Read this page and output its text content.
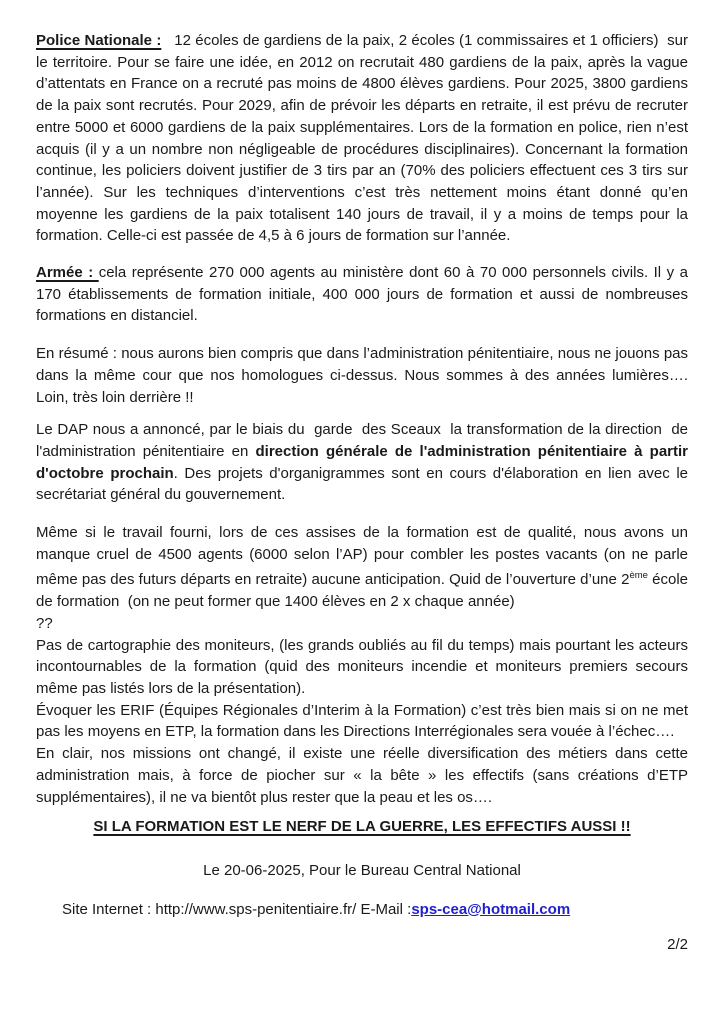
Police Nationale :   12 écoles de gardiens de la paix, 2 écoles (1 commissaires et 1 officiers)  sur le territoire. Pour se faire une idée, en 2012 on recrutait 480 gardiens de la paix, après la vague d’attentats en France on a recruté pas moins de 4800 élèves gardiens. Pour 2025, 3800 gardiens de la paix sont recrutés. Pour 2029, afin de prévoir les départs en retraite, il est prévu de recruter entre 5000 et 6000 gardiens de la paix supplémentaires. Lors de la formation en police, rien n’est acquis (il y a un nombre non négligeable de procédures disciplinaires). Concernant la formation continue, les policiers doivent justifier de 3 tirs par an (70% des policiers effectuent ces 3 tirs sur l’année). Sur les techniques d’interventions c’est très nettement moins étant donné qu’en moyenne les gardiens de la paix totalisent 140 jours de travail, il y a moins de temps pour la formation. Celle-ci est passée de 4,5 à 6 jours de formation sur l’année.
Armée : cela représente 270 000 agents au ministère dont 60 à 70 000 personnels civils. Il y a 170 établissements de formation initiale, 400 000 jours de formation et aussi de nombreuses formations en distanciel.
En résumé : nous aurons bien compris que dans l’administration pénitentiaire, nous ne jouons pas dans la même cour que nos homologues ci-dessus. Nous sommes à des années lumières…. Loin, très loin derrière !!
Le DAP nous a annoncé, par le biais du  garde  des Sceaux  la transformation de la direction  de l'administration pénitentiaire en direction générale de l'administration pénitentiaire à partir d'octobre prochain. Des projets d'organigrammes sont en cours d'élaboration en lien avec le secrétariat général du gouvernement.
Même si le travail fourni, lors de ces assises de la formation est de qualité, nous avons un manque cruel de 4500 agents (6000 selon l’AP) pour combler les postes vacants (on ne parle même pas des futurs départs en retraite) aucune anticipation. Quid de l’ouverture d’une 2ème école de formation  (on ne peut former que 1400 élèves en 2 x chaque année)
??
Pas de cartographie des moniteurs, (les grands oubliés au fil du temps) mais pourtant les acteurs incontournables de la formation (quid des moniteurs incendie et moniteurs premiers secours même pas listés lors de la présentation).
Évoquer les ERIF (Équipes Régionales d’Interim à la Formation) c’est très bien mais si on ne met pas les moyens en ETP, la formation dans les Directions Interrégionales sera vouée à l’échec….
En clair, nos missions ont changé, il existe une réelle diversification des métiers dans cette administration mais, à force de piocher sur « la bête » les effectifs (sans créations d’ETP supplémentaires), il ne va bientôt plus rester que la peau et les os….
SI LA FORMATION EST LE NERF DE LA GUERRE, LES EFFECTIFS AUSSI !!
Le 20-06-2025, Pour le Bureau Central National
Site Internet : http://www.sps-penitentiaire.fr/ E-Mail :sps-cea@hotmail.com
2/2
